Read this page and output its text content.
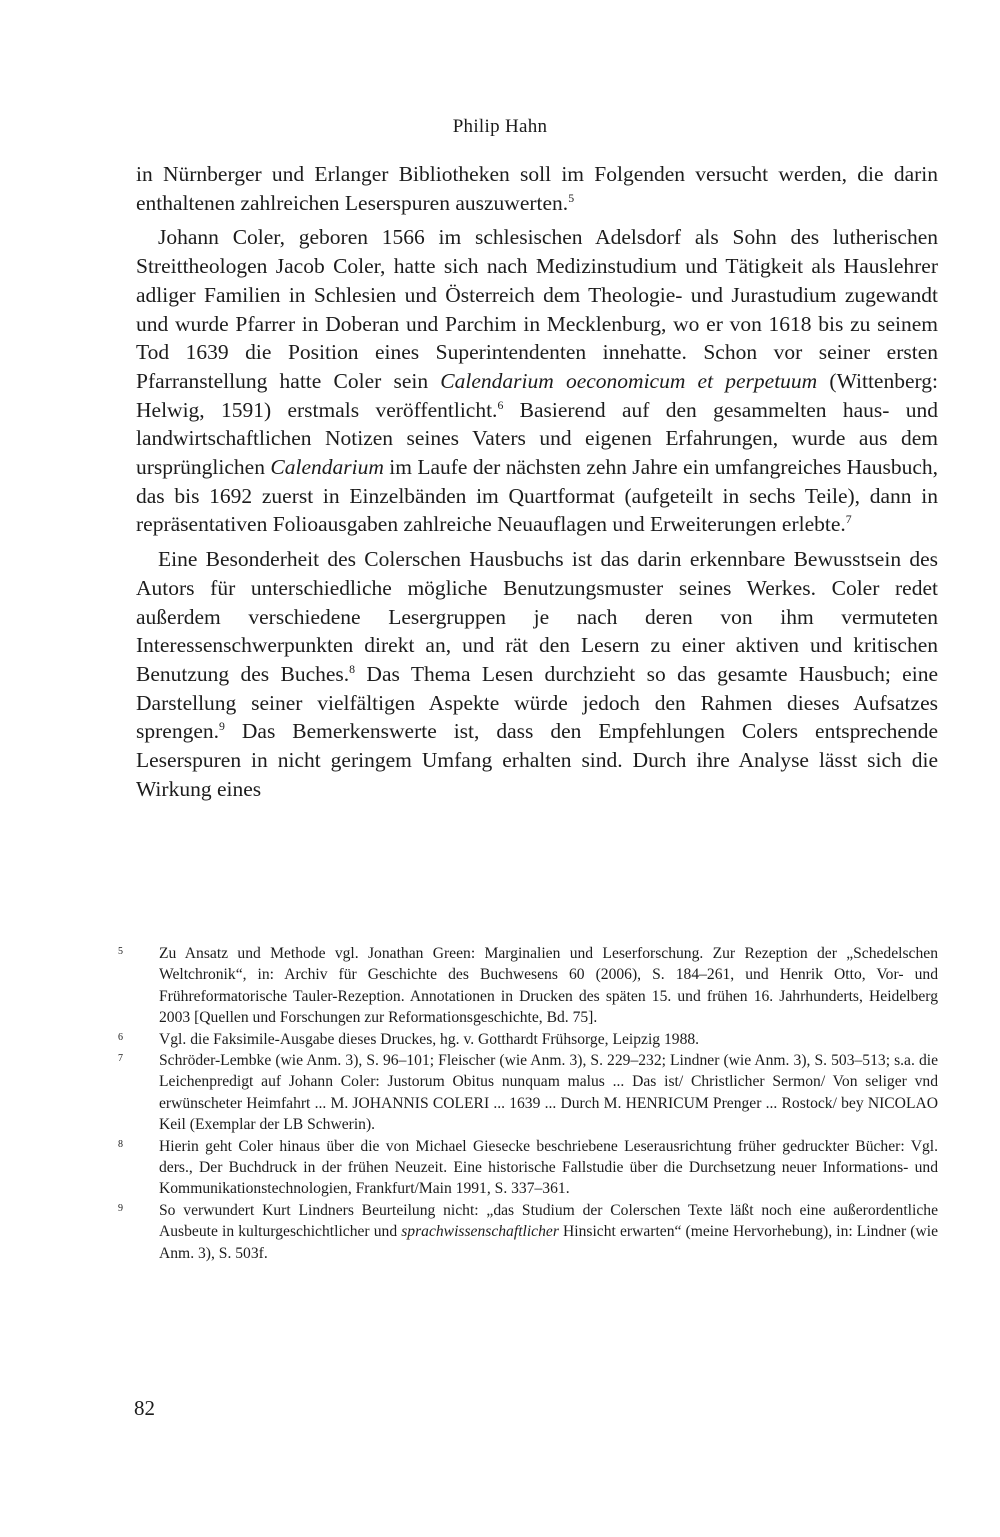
Philip Hahn

in Nürnberger und Erlanger Bibliotheken soll im Folgenden versucht werden, die darin enthaltenen zahlreichen Leserspuren auszuwerten.$^5$

Johann Coler, geboren 1566 im schlesischen Adelsdorf als Sohn des lutherischen Streittheologen Jacob Coler, hatte sich nach Medizinstudium und Tätigkeit als Hauslehrer adliger Familien in Schlesien und Österreich dem Theologie- und Jurastudium zugewandt und wurde Pfarrer in Doberan und Parchim in Mecklenburg, wo er von 1618 bis zu seinem Tod 1639 die Position eines Superintendenten innehatte. Schon vor seiner ersten Pfarranstellung hatte Coler sein Calendarium oeconomicum et perpetuum (Wittenberg: Helwig, 1591) erstmals veröffentlicht.$^6$ Basierend auf den gesammelten haus- und landwirtschaftlichen Notizen seines Vaters und eigenen Erfahrungen, wurde aus dem ursprünglichen Calendarium im Laufe der nächsten zehn Jahre ein umfangreiches Hausbuch, das bis 1692 zuerst in Einzelbänden im Quartformat (aufgeteilt in sechs Teile), dann in repräsentativen Folioausgaben zahlreiche Neuauflagen und Erweiterungen erlebte.$^7$

Eine Besonderheit des Colerschen Hausbuchs ist das darin erkennbare Bewusstsein des Autors für unterschiedliche mögliche Benutzungsmuster seines Werkes. Coler redet außerdem verschiedene Lesergruppen je nach deren von ihm vermuteten Interessenschwerpunkten direkt an, und rät den Lesern zu einer aktiven und kritischen Benutzung des Buches.$^8$ Das Thema Lesen durchzieht so das gesamte Hausbuch; eine Darstellung seiner vielfältigen Aspekte würde jedoch den Rahmen dieses Aufsatzes sprengen.$^9$ Das Bemerkenswerte ist, dass den Empfehlungen Colers entsprechende Leserspuren in nicht geringem Umfang erhalten sind. Durch ihre Analyse lässt sich die Wirkung eines

5	Zu Ansatz und Methode vgl. Jonathan Green: Marginalien und Leserforschung. Zur Rezeption der „Schedelschen Weltchronik“, in: Archiv für Geschichte des Buchwesens 60 (2006), S. 184–261, und Henrik Otto, Vor- und Frühreformatorische Tauler-Rezeption. Annotationen in Drucken des späten 15. und frühen 16. Jahrhunderts, Heidelberg 2003 [Quellen und Forschungen zur Reformationsgeschichte, Bd. 75].
6	Vgl. die Faksimile-Ausgabe dieses Druckes, hg. v. Gotthardt Frühsorge, Leipzig 1988.
7	Schröder-Lembke (wie Anm. 3), S. 96–101; Fleischer (wie Anm. 3), S. 229–232; Lindner (wie Anm. 3), S. 503–513; s.a. die Leichenpredigt auf Johann Coler: Justorum Obitus nunquam malus ... Das ist/ Christlicher Sermon/ Von seliger vnd erwünscheter Heimfahrt ... M. JOHANNIS COLERI ... 1639 ... Durch M. HENRICUM Prenger ... Rostock/ bey NICOLAO Keil (Exemplar der LB Schwerin).
8	Hierin geht Coler hinaus über die von Michael Giesecke beschriebene Leserausrichtung früher gedruckter Bücher: Vgl. ders., Der Buchdruck in der frühen Neuzeit. Eine historische Fallstudie über die Durchsetzung neuer Informations- und Kommunikationstechnologien, Frankfurt/Main 1991, S. 337–361.
9	So verwundert Kurt Lindners Beurteilung nicht: „das Studium der Colerschen Texte läßt noch eine außerordentliche Ausbeute in kulturgeschichtlicher und sprachwissenschaftlicher Hinsicht erwarten“ (meine Hervorhebung), in: Lindner (wie Anm. 3), S. 503f.
82
